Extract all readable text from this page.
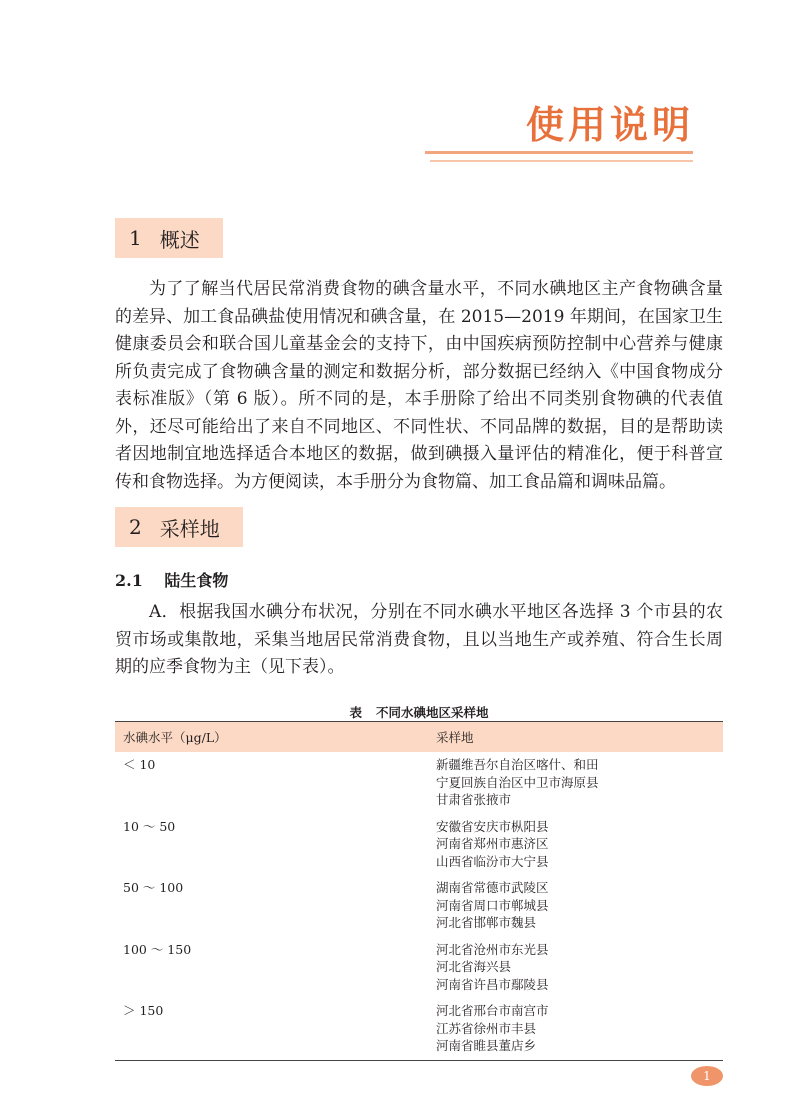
使用说明
1 概述

为了了解当代居民常消费食物的碘含量水平，不同水碘地区主产食物碘含量的差异、加工食品碘盐使用情况和碘含量，在 2015—2019 年期间，在国家卫生健康委员会和联合国儿童基金会的支持下，由中国疾病预防控制中心营养与健康所负责完成了食物碘含量的测定和数据分析，部分数据已经纳入《中国食物成分表标准版》（第 6 版）。所不同的是，本手册除了给出不同类别食物碘的代表值外，还尽可能给出了来自不同地区、不同性状、不同品牌的数据，目的是帮助读者因地制宜地选择适合本地区的数据，做到碘摄入量评估的精准化，便于科普宣传和食物选择。为方便阅读，本手册分为食物篇、加工食品篇和调味品篇。

2 采样地
2.1 陆生食物

A．根据我国水碘分布状况，分别在不同水碘水平地区各选择 3 个市县的农贸市场或集散地，采集当地居民常消费食物，且以当地生产或养殖、符合生长周期的应季食物为主（见下表）。

表 不同水碘地区采样地

水碘水平（μg/L）	采样地
＜ 10	新疆维吾尔自治区喀什、和田
宁夏回族自治区中卫市海原县
甘肃省张掖市

10 ～ 50	安徽省安庆市枞阳县
河南省郑州市惠济区
山西省临汾市大宁县

50 ～ 100	湖南省常德市武陵区
河南省周口市郸城县
河北省邯郸市魏县

100 ～ 150	河北省沧州市东光县
河北省海兴县
河南省许昌市鄢陵县

＞ 150	河北省邢台市南宫市
江苏省徐州市丰县
河南省睢县董店乡
1
